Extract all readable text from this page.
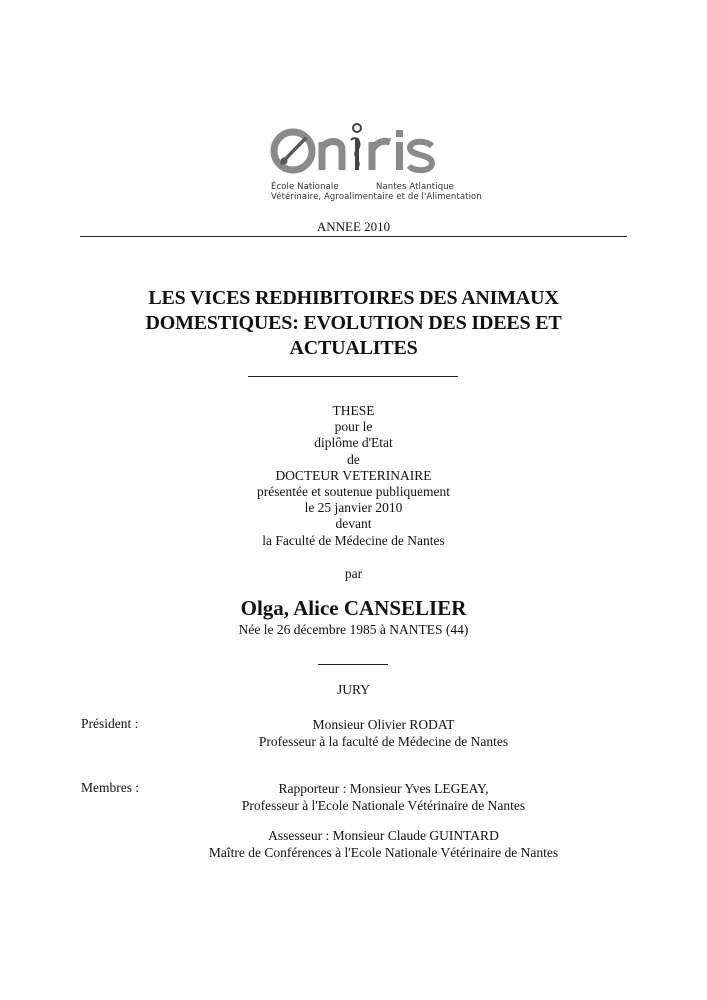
École Nationale	Nantes Atlantique
Vétérinaire, Agroalimentaire et de l'Alimentation
ANNEE 2010
LES VICES REDHIBITOIRES DES ANIMAUX
DOMESTIQUES: EVOLUTION DES IDEES ET
ACTUALITES
THESE
pour le
diplôme d'Etat
de
DOCTEUR VETERINAIRE
présentée et soutenue publiquement
le 25 janvier 2010
devant
la Faculté de Médecine de Nantes
par
Olga, Alice CANSELIER
Née le 26 décembre 1985 à NANTES (44)
JURY
Président :	Monsieur Olivier RODAT
Professeur à la faculté de Médecine de Nantes
Membres :	Rapporteur : Monsieur Yves LEGEAY,
Professeur à l'Ecole Nationale Vétérinaire de Nantes
Assesseur : Monsieur Claude GUINTARD
Maître de Conférences à l'Ecole Nationale Vétérinaire de Nantes
